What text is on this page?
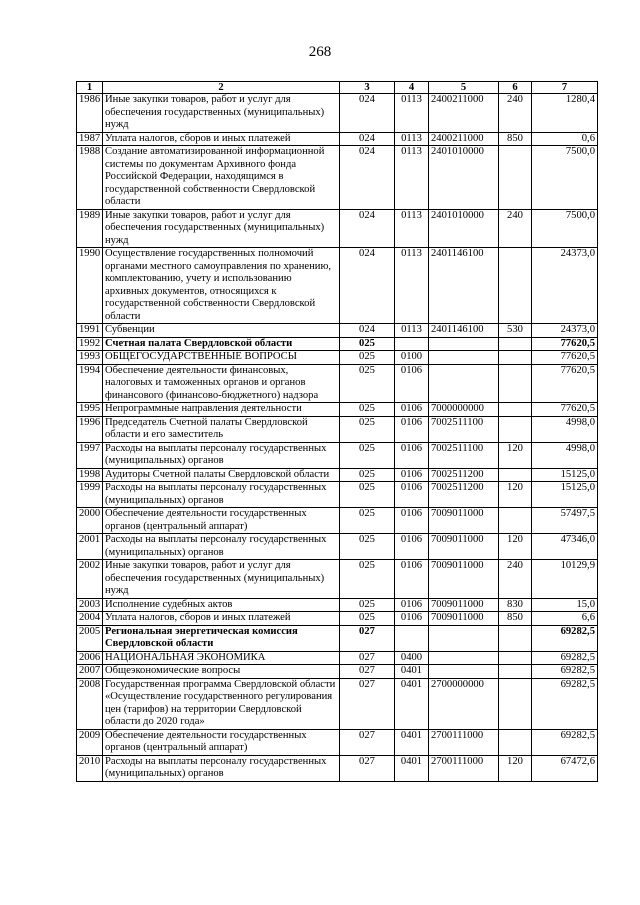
268
1	2	3	4	5	6	7
1986	Иные закупки товаров, работ и услуг для обеспечения государственных (муниципальных) нужд	024	0113	2400211000	240	1280,4
1987	Уплата налогов, сборов и иных платежей	024	0113	2400211000	850	0,6
1988	Создание автоматизированной информационной системы по документам Архивного фонда Российской Федерации, находящимся в государственной собственности Свердловской области	024	0113	2401010000		7500,0
1989	Иные закупки товаров, работ и услуг для обеспечения государственных (муниципальных) нужд	024	0113	2401010000	240	7500,0
1990	Осуществление государственных полномочий органами местного самоуправления по хранению, комплектованию, учету и использованию архивных документов, относящихся к государственной собственности Свердловской области	024	0113	2401146100		24373,0
1991	Субвенции	024	0113	2401146100	530	24373,0
1992	Счетная палата Свердловской области	025				77620,5
1993	ОБЩЕГОСУДАРСТВЕННЫЕ ВОПРОСЫ	025	0100			77620,5
1994	Обеспечение деятельности финансовых, налоговых и таможенных органов и органов финансового (финансово-бюджетного) надзора	025	0106			77620,5
1995	Непрограммные направления деятельности	025	0106	7000000000		77620,5
1996	Председатель Счетной палаты Свердловской области и его заместитель	025	0106	7002511100		4998,0
1997	Расходы на выплаты персоналу государственных (муниципальных) органов	025	0106	7002511100	120	4998,0
1998	Аудиторы Счетной палаты Свердловской области	025	0106	7002511200		15125,0
1999	Расходы на выплаты персоналу государственных (муниципальных) органов	025	0106	7002511200	120	15125,0
2000	Обеспечение деятельности государственных органов (центральный аппарат)	025	0106	7009011000		57497,5
2001	Расходы на выплаты персоналу государственных (муниципальных) органов	025	0106	7009011000	120	47346,0
2002	Иные закупки товаров, работ и услуг для обеспечения государственных (муниципальных) нужд	025	0106	7009011000	240	10129,9
2003	Исполнение судебных актов	025	0106	7009011000	830	15,0
2004	Уплата налогов, сборов и иных платежей	025	0106	7009011000	850	6,6
2005	Региональная энергетическая комиссия Свердловской области	027				69282,5
2006	НАЦИОНАЛЬНАЯ ЭКОНОМИКА	027	0400			69282,5
2007	Общеэкономические вопросы	027	0401			69282,5
2008	Государственная программа Свердловской области «Осуществление государственного регулирования цен (тарифов) на территории Свердловской области до 2020 года»	027	0401	2700000000		69282,5
2009	Обеспечение деятельности государственных органов (центральный аппарат)	027	0401	2700111000		69282,5
2010	Расходы на выплаты персоналу государственных (муниципальных) органов	027	0401	2700111000	120	67472,6
